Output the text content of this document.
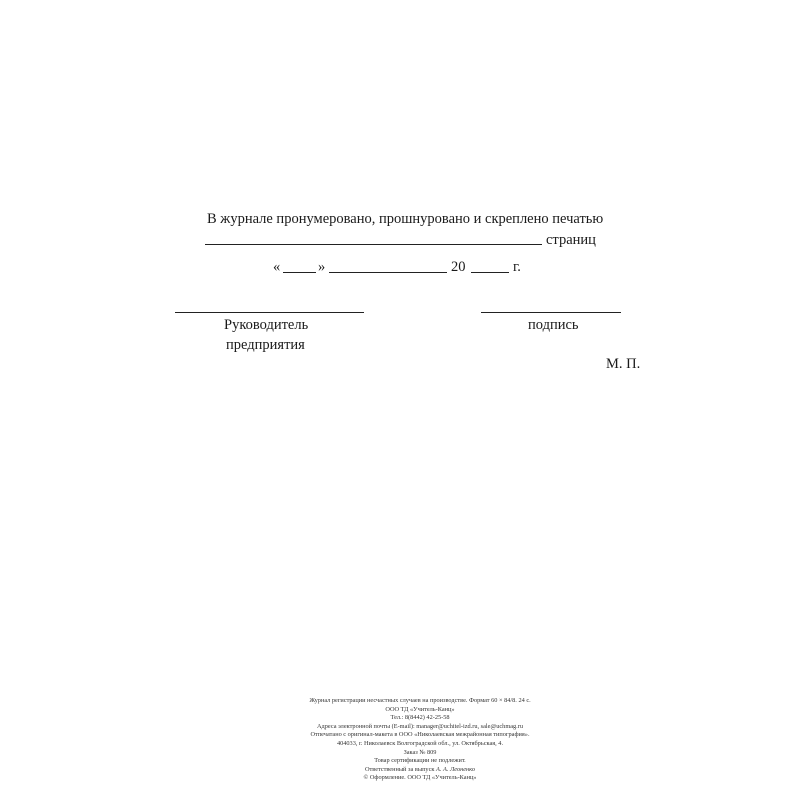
В журнале пронумеровано, прошнуровано и скреплено печатью
страниц
«	»	20	г.
Руководитель
предприятия
подпись
М. П.
Журнал регистрации несчастных случаев на производстве. Формат 60 × 84/8. 24 с.
ООО ТД «Учитель-Канц»
Тел.: 8(8442) 42-25-58
Адреса электронной почты (E-mail): manager@uchitel-izd.ru, sale@uchmag.ru
Отпечатано с оригинал-макета в ООО «Николаевская межрайонная типография».
404033, г. Николаевск Волгоградской обл., ул. Октябрьская, 4.
Заказ № 809
Товар сертификации не подлежит.
Ответственный за выпуск А. А. Леоненко
© Оформление. ООО ТД «Учитель-Канц»
